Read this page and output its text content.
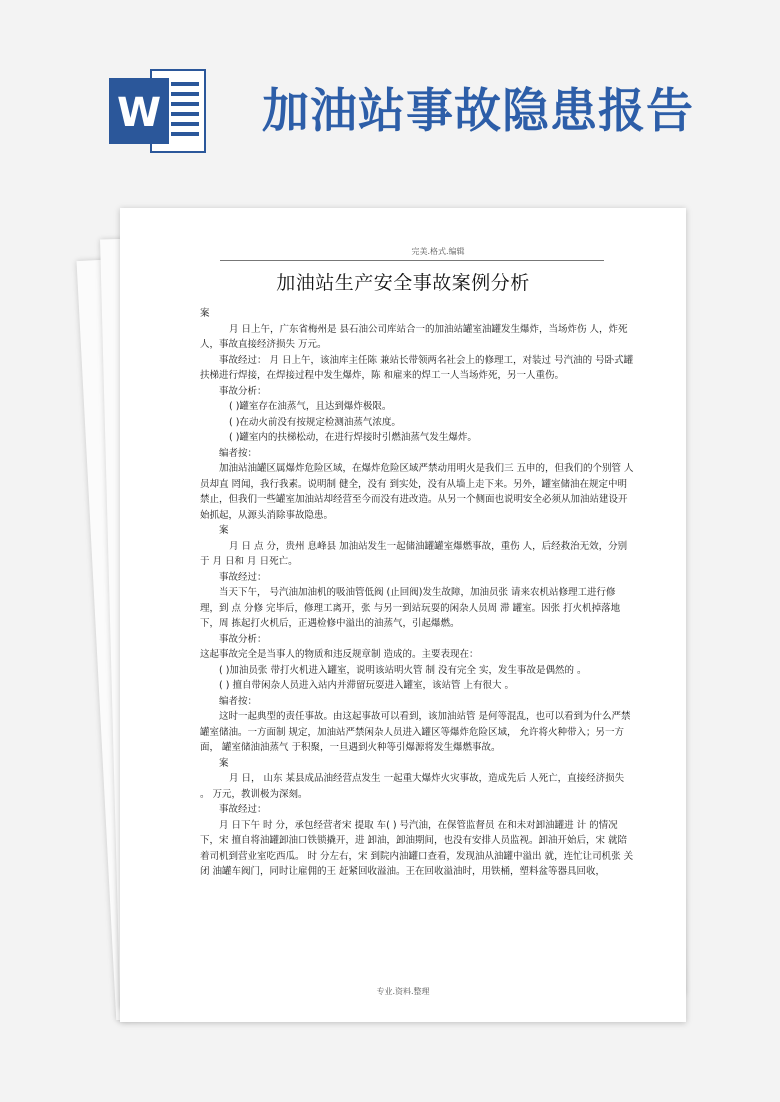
W 加油站事故隐患报告
完美.格式.编辑
加油站生产安全事故案例分析

案

月 日上午，广东省梅州是 县石油公司库站合一的加油站罐室油罐发生爆炸，当场炸伤 人，炸死 人，事故直接经济损失 万元。

事故经过： 月 日上午，该油库主任陈 兼站长带领两名社会上的修理工，对装过 号汽油的 号卧式罐扶梯进行焊接，在焊接过程中发生爆炸，陈 和雇来的焊工一人当场炸死，另一人重伤。

事故分析：

( )罐室存在油蒸气，且达到爆炸极限。

( )在动火前没有按规定检测油蒸气浓度。

( )罐室内的扶梯松动，在进行焊接时引燃油蒸气发生爆炸。

编者按：

加油站油罐区属爆炸危险区域，在爆炸危险区域严禁动用明火是我们三 五申的，但我们的个别管 人员却直 罔闻，我行我素。说明制 健全，没有 到实处，没有从墙上走下来。另外，罐室储油在规定中明 禁止，但我们一些罐室加油站却经营至今而没有进改造。从另一个侧面也说明安全必须从加油站建设开始抓起，从源头消除事故隐患。

案

月 日 点 分，贵州 息峰县 加油站发生一起储油罐罐室爆燃事故，重伤 人，后经救治无效，分别于 月 日和 月 日死亡。

事故经过：

当天下午， 号汽油加油机的吸油管低阀 (止回阀)发生故障，加油员张 请来农机站修理工进行修理，到 点 分修 完毕后，修理工离开，张 与另一到站玩耍的闲杂人员周 滞 罐室。因张 打火机掉落地下，周 拣起打火机后，正遇检修中溢出的油蒸气，引起爆燃。

事故分析：

这起事故完全是当事人的物质和违反规章制 造成的。主要表现在：

( )加油员张 带打火机进入罐室，说明该站明火管 制 没有完全 实，发生事故是偶然的 。

( ) 擅自带闲杂人员进入站内并滞留玩耍进入罐室，该站管 上有很大 。

编者按：

这时一起典型的责任事故。由这起事故可以看到，该加油站管 是何等混乱，也可以看到为什么严禁罐室储油。一方面制 规定，加油站严禁闲杂人员进入罐区等爆炸危险区域， 允许将火种带入；另一方面， 罐室储油油蒸气 于积聚，一旦遇到火种等引爆源将发生爆燃事故。

案

月 日， 山东 某县成品油经营点发生 一起重大爆炸火灾事故，造成先后 人死亡，直接经济损失 。 万元，教训极为深刻。

事故经过：

月 日下午 时 分，承包经营者宋 提取 车( ) 号汽油，在保管监督员 在和未对卸油罐进 计 的情况下，宋 擅自将油罐卸油口铁锁撬开，进 卸油，卸油期间，也没有安排人员监视。卸油开始后，宋 就陪着司机到营业室吃西瓜。 时 分左右，宋 到院内油罐口查看，发现油从油罐中溢出 就，连忙让司机张 关闭 油罐车阀门，同时让雇佣的王 赶紧回收溢油。王在回收溢油时，用铁桶，塑料盆等器具回收，

专业.资料.整理
